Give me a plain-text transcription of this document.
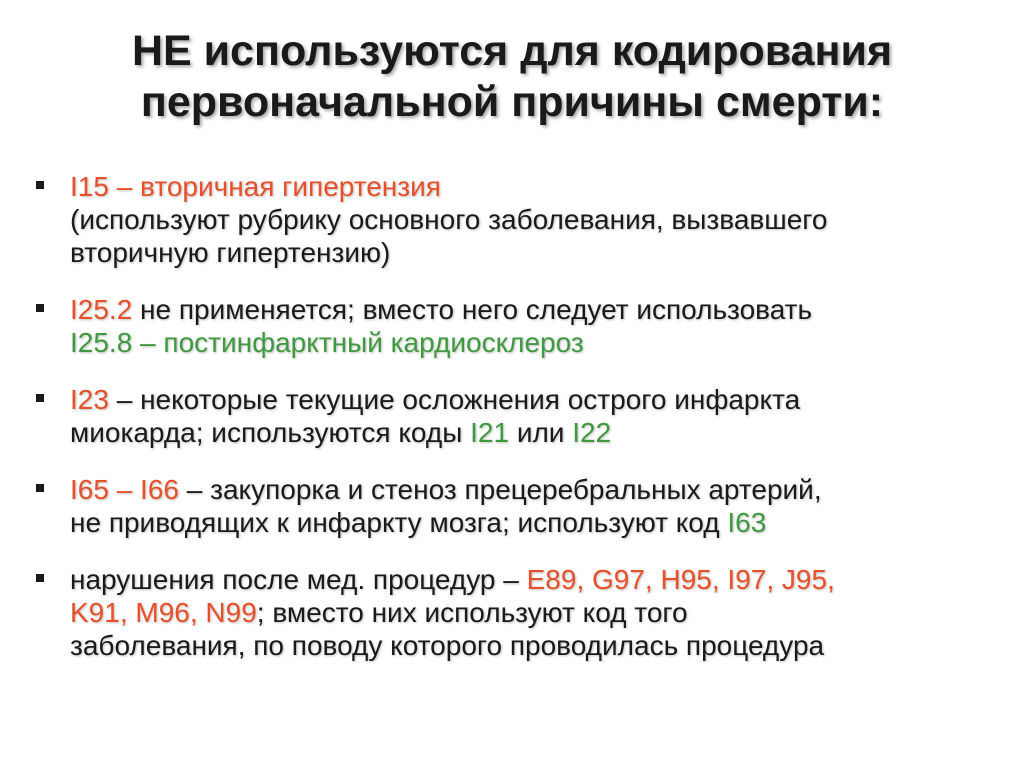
НЕ используются для кодирования
первоначальной причины смерти:
I15 – вторичная гипертензия
(используют рубрику основного заболевания, вызвавшего
вторичную гипертензию)
I25.2 не применяется; вместо него следует использовать
I25.8 – постинфарктный кардиосклероз
I23 – некоторые текущие осложнения острого инфаркта
миокарда; используются коды I21 или I22
I65 – I66 – закупорка и стеноз прецеребральных артерий,
не приводящих к инфаркту мозга; используют код I63
нарушения после мед. процедур – E89, G97, H95, I97, J95,
K91, M96, N99; вместо них используют код того
заболевания, по поводу которого проводилась процедура
